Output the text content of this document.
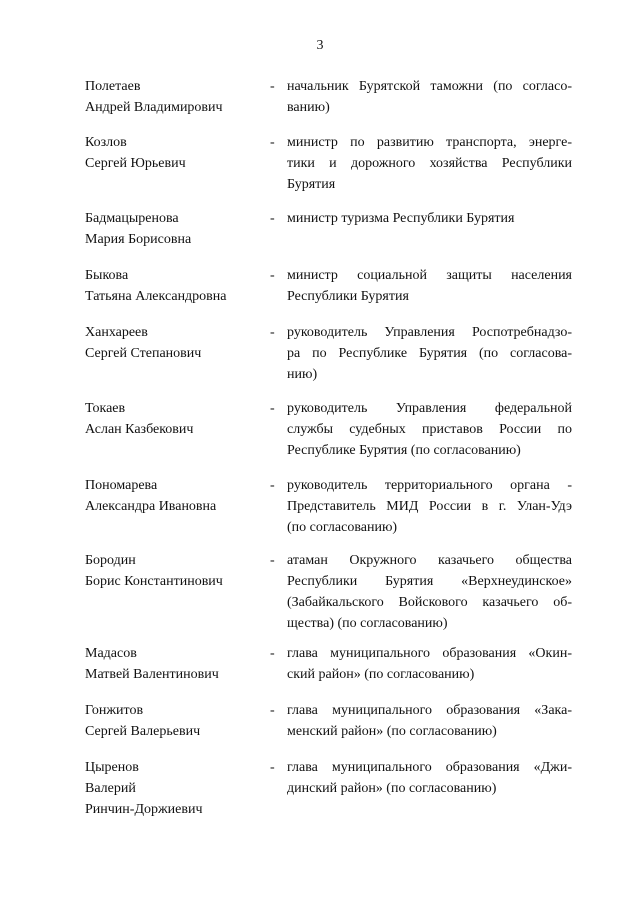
3
Полетаев
Андрей Владимирович
- начальник Бурятской таможни (по согласо-
ванию)
Козлов
Сергей Юрьевич
- министр по развитию транспорта, энерге-
тики и дорожного хозяйства Республики
Бурятия
Бадмацыренова
Мария Борисовна
- министр туризма Республики Бурятия
Быкова
Татьяна Александровна
- министр социальной защиты населения
Республики Бурятия
Ханхареев
Сергей Степанович
- руководитель Управления Роспотребнадзо-
ра по Республике Бурятия (по согласова-
нию)
Токаев
Аслан Казбекович
- руководитель Управления федеральной
службы судебных приставов России по
Республике Бурятия (по согласованию)
Пономарева
Александра Ивановна
- руководитель территориального органа -
Представитель МИД России в г. Улан-Удэ
(по согласованию)
Бородин
Борис Константинович
- атаман Окружного казачьего общества
Республики Бурятия «Верхнеудинское»
(Забайкальского Войскового казачьего об-
щества) (по согласованию)
Мадасов
Матвей Валентинович
- глава муниципального образования «Окин-
ский район» (по согласованию)
Гонжитов
Сергей Валерьевич
- глава муниципального образования «Зака-
менский район» (по согласованию)
Цыренов
Валерий
Ринчин-Доржиевич
- глава муниципального образования «Джи-
динский район» (по согласованию)
